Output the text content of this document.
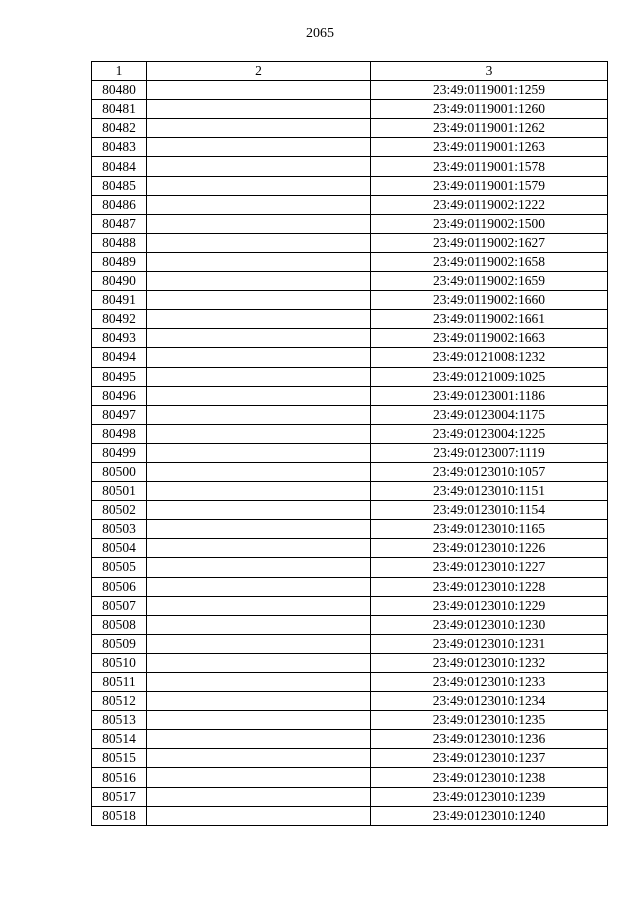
2065
1	2	3
80480		23:49:0119001:1259
80481		23:49:0119001:1260
80482		23:49:0119001:1262
80483		23:49:0119001:1263
80484		23:49:0119001:1578
80485		23:49:0119001:1579
80486		23:49:0119002:1222
80487		23:49:0119002:1500
80488		23:49:0119002:1627
80489		23:49:0119002:1658
80490		23:49:0119002:1659
80491		23:49:0119002:1660
80492		23:49:0119002:1661
80493		23:49:0119002:1663
80494		23:49:0121008:1232
80495		23:49:0121009:1025
80496		23:49:0123001:1186
80497		23:49:0123004:1175
80498		23:49:0123004:1225
80499		23:49:0123007:1119
80500		23:49:0123010:1057
80501		23:49:0123010:1151
80502		23:49:0123010:1154
80503		23:49:0123010:1165
80504		23:49:0123010:1226
80505		23:49:0123010:1227
80506		23:49:0123010:1228
80507		23:49:0123010:1229
80508		23:49:0123010:1230
80509		23:49:0123010:1231
80510		23:49:0123010:1232
80511		23:49:0123010:1233
80512		23:49:0123010:1234
80513		23:49:0123010:1235
80514		23:49:0123010:1236
80515		23:49:0123010:1237
80516		23:49:0123010:1238
80517		23:49:0123010:1239
80518		23:49:0123010:1240
